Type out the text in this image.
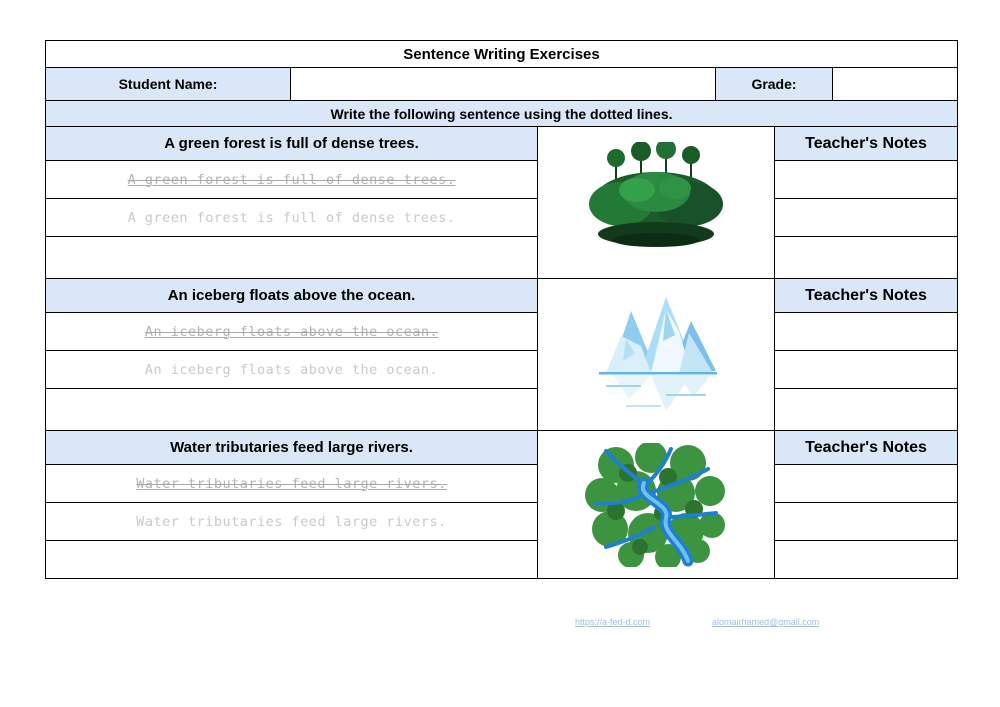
Sentence Writing Exercises
Student Name:	Grade:
Write the following sentence using the dotted lines.
A green forest is full of dense trees.
A green forest is full of dense trees.
A green forest is full of dense trees.
Teacher's Notes
An iceberg floats above the ocean.
An iceberg floats above the ocean.
An iceberg floats above the ocean.
Teacher's Notes
Water tributaries feed large rivers.
Water tributaries feed large rivers.
Water tributaries feed large rivers.
Teacher's Notes
https://a-fed-d.com	alomairhamed@gmail.com
